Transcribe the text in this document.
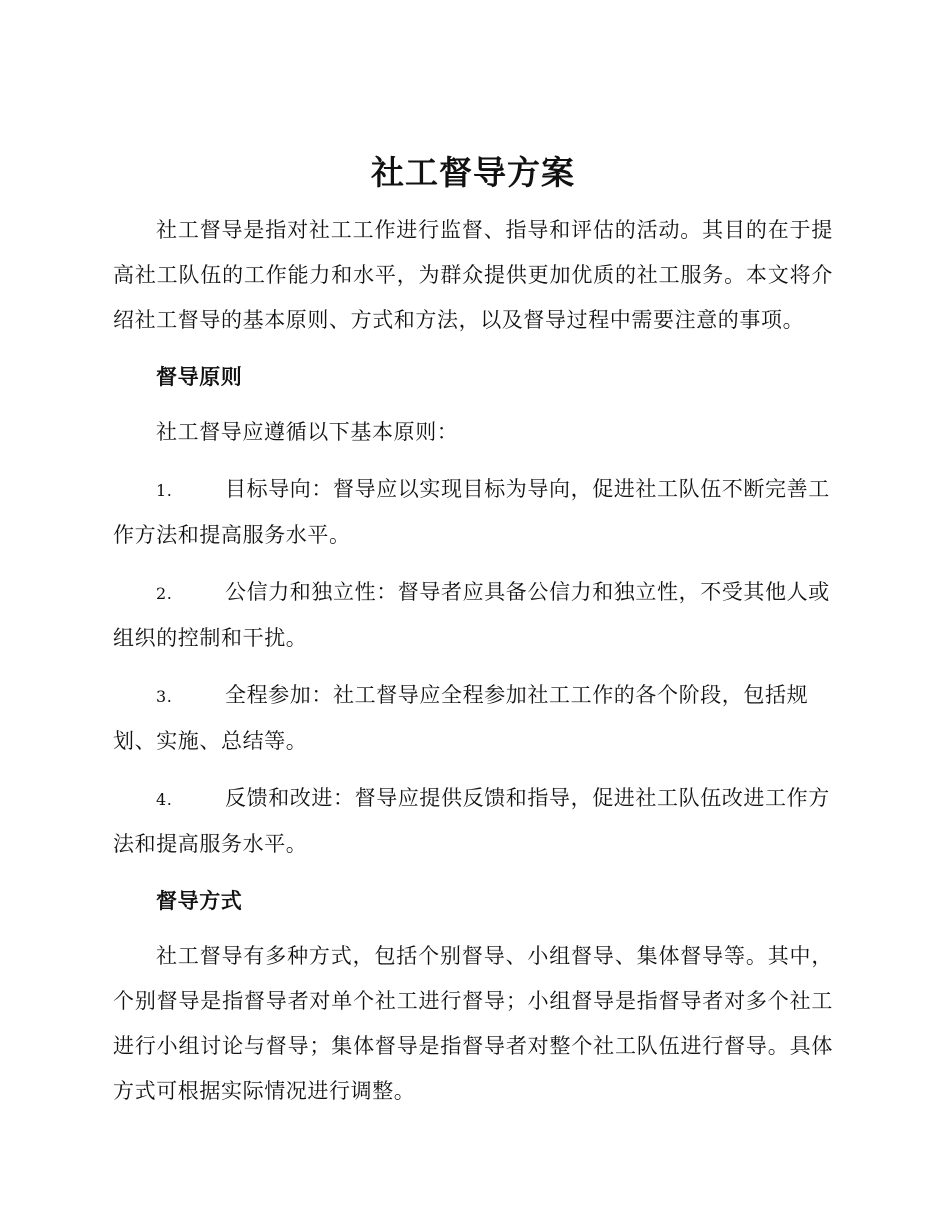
社工督导方案

社工督导是指对社工工作进行监督、指导和评估的活动。其目的在于提高社工队伍的工作能力和水平，为群众提供更加优质的社工服务。本文将介绍社工督导的基本原则、方式和方法，以及督导过程中需要注意的事项。

督导原则

社工督导应遵循以下基本原则：

1.	目标导向：督导应以实现目标为导向，促进社工队伍不断完善工作方法和提高服务水平。
2.	公信力和独立性：督导者应具备公信力和独立性，不受其他人或组织的控制和干扰。
3.	全程参加：社工督导应全程参加社工工作的各个阶段，包括规划、实施、总结等。
4.	反馈和改进：督导应提供反馈和指导，促进社工队伍改进工作方法和提高服务水平。
督导方式

社工督导有多种方式，包括个别督导、小组督导、集体督导等。其中，个别督导是指督导者对单个社工进行督导；小组督导是指督导者对多个社工进行小组讨论与督导；集体督导是指督导者对整个社工队伍进行督导。具体方式可根据实际情况进行调整。
